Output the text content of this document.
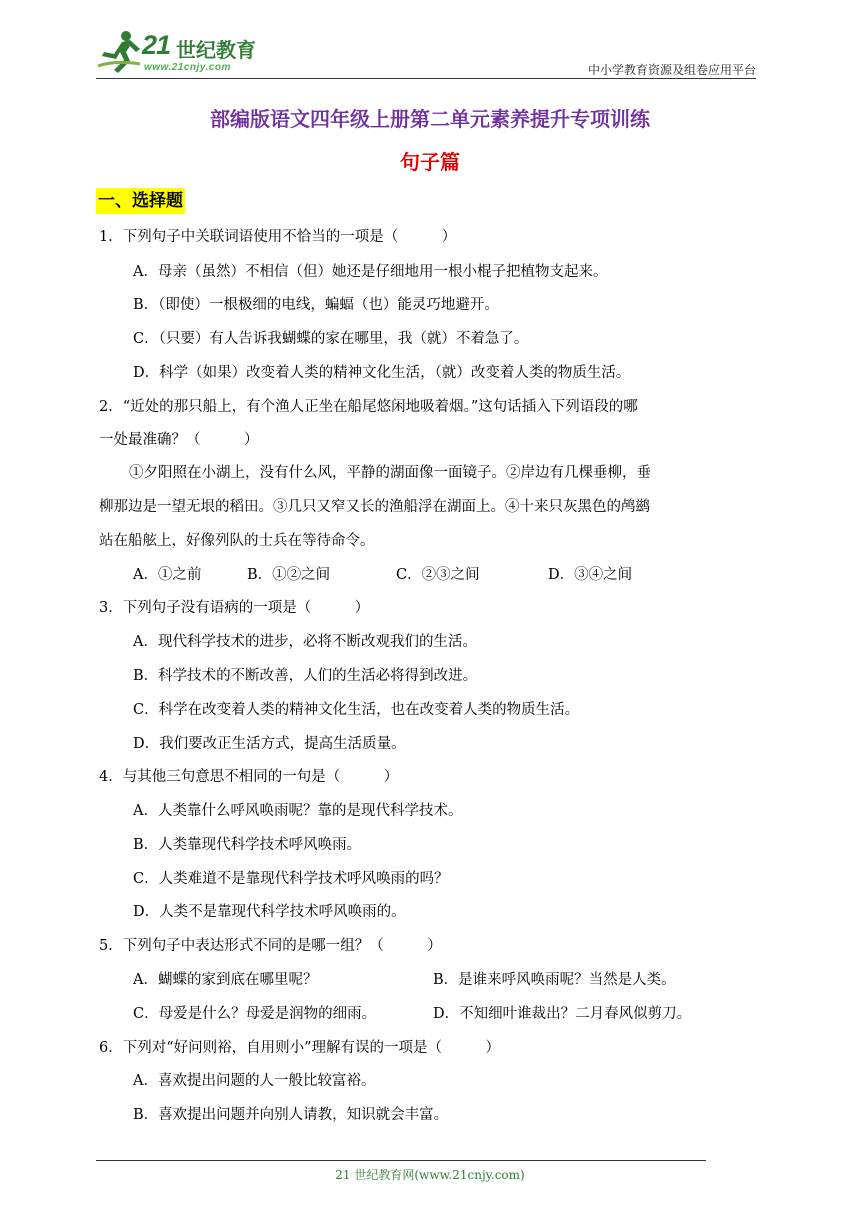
21 世纪教育
www.21cnjy.com	中小学教育资源及组卷应用平台
部编版语文四年级上册第二单元素养提升专项训练
句子篇
一、选择题
1．下列句子中关联词语使用不恰当的一项是（　　　）
A．母亲（虽然）不相信（但）她还是仔细地用一根小棍子把植物支起来。
B．（即使）一根极细的电线，蝙蝠（也）能灵巧地避开。
C．（只要）有人告诉我蝴蝶的家在哪里，我（就）不着急了。
D．科学（如果）改变着人类的精神文化生活，（就）改变着人类的物质生活。
2．“近处的那只船上，有个渔人正坐在船尾悠闲地吸着烟。”这句话插入下列语段的哪
一处最准确？（　　　）
①夕阳照在小湖上，没有什么风，平静的湖面像一面镜子。②岸边有几棵垂柳，垂
柳那边是一望无垠的稻田。③几只又窄又长的渔船浮在湖面上。④十来只灰黑色的鸬鹚
站在船舷上，好像列队的士兵在等待命令。
A．①之前	B．①②之间	C．②③之间	D．③④之间
3．下列句子没有语病的一项是（　　　）
A．现代科学技术的进步，必将不断改观我们的生活。
B．科学技术的不断改善，人们的生活必将得到改进。
C．科学在改变着人类的精神文化生活，也在改变着人类的物质生活。
D．我们要改正生活方式，提高生活质量。
4．与其他三句意思不相同的一句是（　　　）
A．人类靠什么呼风唤雨呢？靠的是现代科学技术。
B．人类靠现代科学技术呼风唤雨。
C．人类难道不是靠现代科学技术呼风唤雨的吗？
D．人类不是靠现代科学技术呼风唤雨的。
5．下列句子中表达形式不同的是哪一组？（　　　）
A．蝴蝶的家到底在哪里呢？	B．是谁来呼风唤雨呢？当然是人类。
C．母爱是什么？母爱是润物的细雨。	D．不知细叶谁裁出？二月春风似剪刀。
6．下列对“好问则裕，自用则小”理解有误的一项是（　　　）
A．喜欢提出问题的人一般比较富裕。
B．喜欢提出问题并向别人请教，知识就会丰富。
21 世纪教育网(www.21cnjy.com)
